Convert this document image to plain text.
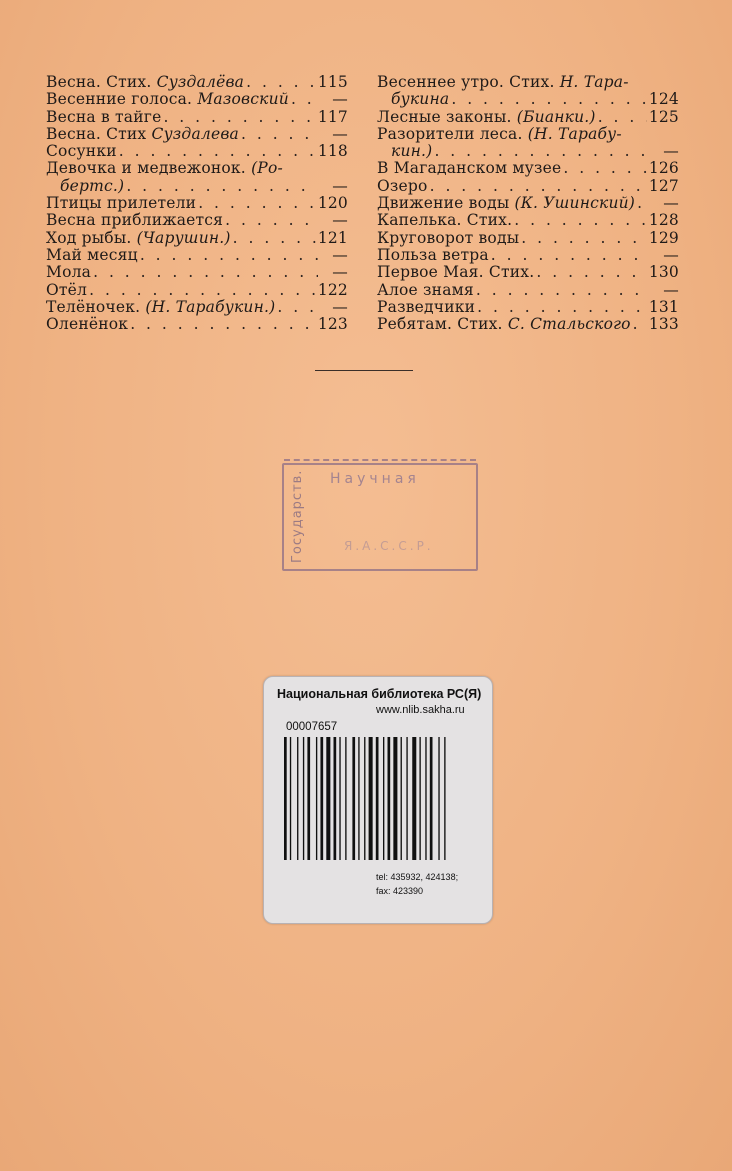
Весна. Стих. Суздалёва . . .	115
Весенние голоса. Мазовский . . .	—
Весна в тайге . . .	117
Весна. Стих Суздалева . . .	—
Сосунки . . .	118
Девочка и медвежонок. (Ро-
бертс.) . . .	—
Птицы прилетели . . .	120
Весна приближается . . .	—
Ход рыбы. (Чарушин.) . . .	121
Май месяц . . .	—
Мола . . .	—
Отёл . . .	122
Телёночек. (Н. Тарабукин.) . . .	—
Оленёнок . . .	123
Весеннее утро. Стих. Н. Тара-
букина . . .	124
Лесные законы. (Бианки.) . . .	125
Разорители леса. (Н. Тарабу-
кин.) . . .	—
В Магаданском музее . . .	126
Озеро . . .	127
Движение воды (К. Ушинский) . . .	—
Капелька. Стих. . . .	128
Круговорот воды . . .	129
Польза ветра . . .	—
Первое Мая. Стих. . . .	130
Алое знамя . . .	—
Разведчики . . .	131
Ребятам. Стих. С. Стальского . . . 133
Государств.	Научная
Я.А.С.С.Р.
Национальная библиотека РС(Я)
www.nlib.sakha.ru
00007657
tel: 435932, 424138;
fax: 423390
